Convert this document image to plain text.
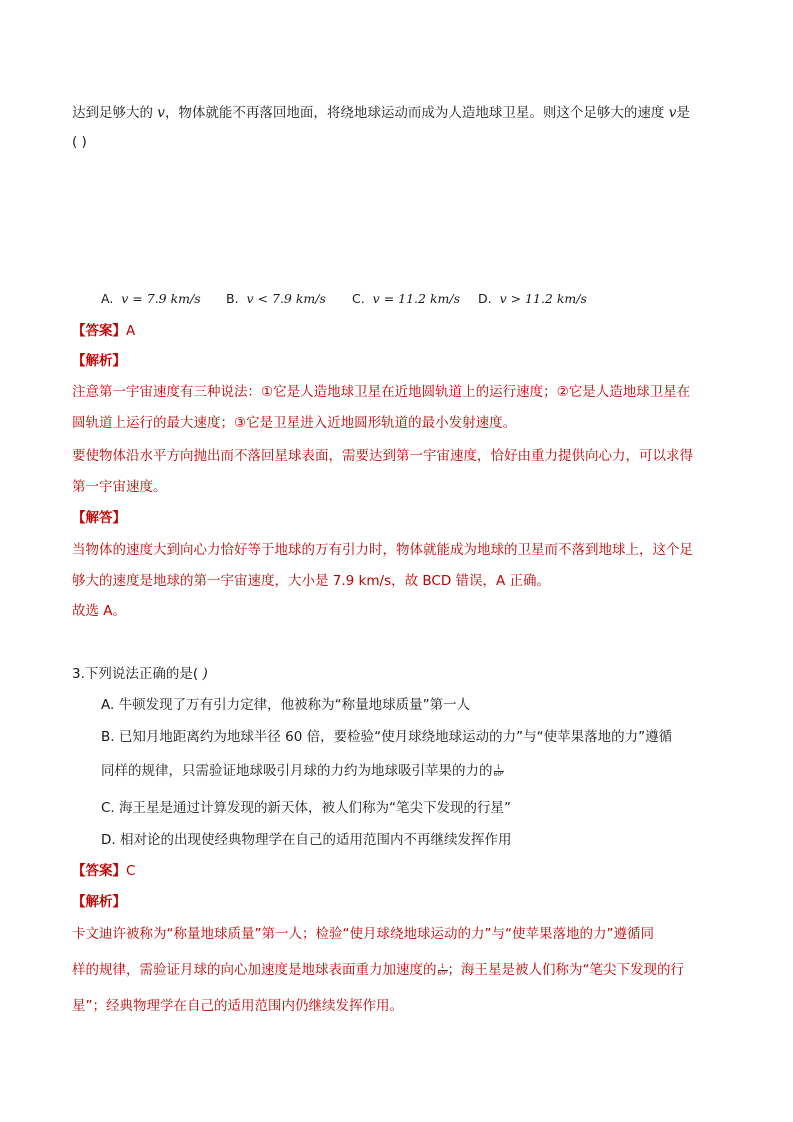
达到足够大的 v，物体就能不再落回地面，将绕地球运动而成为人造地球卫星。则这个足够大的速度 v是
( )
A. v = 7.9 km/s B. v < 7.9 km/s C. v = 11.2 km/s D. v > 11.2 km/s
【答案】A
【解析】
注意第一宇宙速度有三种说法：①它是人造地球卫星在近地圆轨道上的运行速度；②它是人造地球卫星在
圆轨道上运行的最大速度；③它是卫星进入近地圆形轨道的最小发射速度。
要使物体沿水平方向抛出而不落回星球表面，需要达到第一宇宙速度，恰好由重力提供向心力，可以求得
第一宇宙速度。
【解答】
当物体的速度大到向心力恰好等于地球的万有引力时，物体就能成为地球的卫星而不落到地球上，这个足
够大的速度是地球的第一宇宙速度，大小是 7.9 km/s，故 BCD 错误，A 正确。
故选 A。
3.下列说法正确的是( )
A. 牛顿发现了万有引力定律，他被称为“称量地球质量”第一人
B. 已知月地距离约为地球半径 60 倍，要检验“使月球绕地球运动的力”与“使苹果落地的力”遵循
同样的规律，只需验证地球吸引月球的力约为地球吸引苹果的力的 $\frac{1}{\text{60²}}$
C. 海王星是通过计算发现的新天体，被人们称为“笔尖下发现的行星”
D. 相对论的出现使经典物理学在自己的适用范围内不再继续发挥作用
【答案】C
【解析】
卡文迪许被称为“称量地球质量”第一人；检验“使月球绕地球运动的力”与“使苹果落地的力”遵循同
样的规律，需验证月球的向心加速度是地球表面重力加速度的 $\frac{1}{\text{60²}}$ ；海王星是被人们称为“笔尖下发现的行
星”；经典物理学在自己的适用范围内仍继续发挥作用。
